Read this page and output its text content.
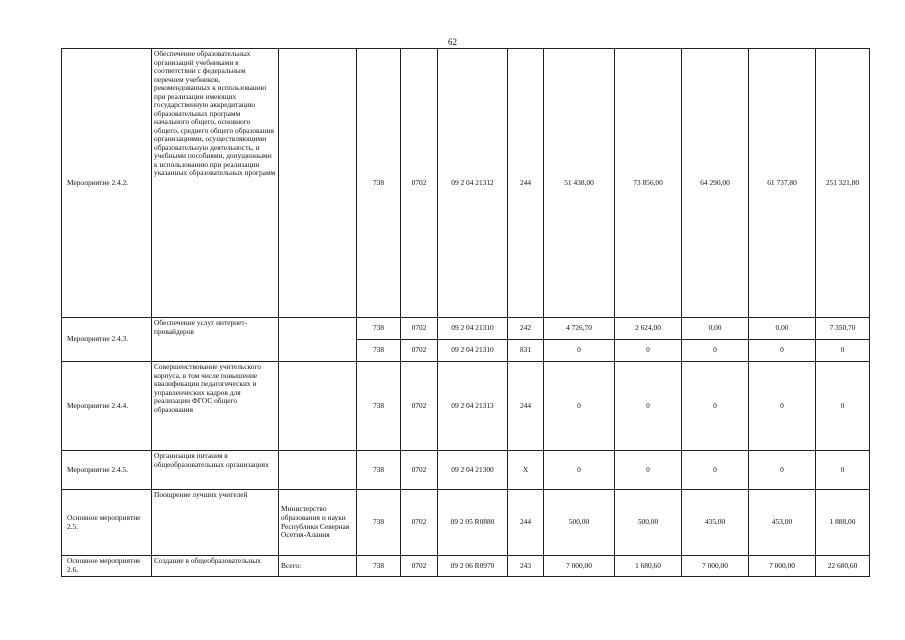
62
Мероприятие 2.4.2.	Обеспечение образовательных организаций учебниками в соответствии с федеральным перечнем учебников, рекомендованных к использованию при реализации имеющих государственную аккредитацию образовательных программ начального общего, основного общего, среднего общего образования организациями, осуществляющими образовательную деятельность, и учебными пособиями, допущенными к использованию при реализации указанных образовательных программ		738	0702	09 2 04 21312	244	51 438,00	73 856,00	64 290,00	61 737,80	251 321,80
Мероприятие 2.4.3.	Обеспечение услуг интернет-провайдеров		738	0702	09 2 04 21310	242	4 726,70	2 624,00	0,00	0,00	7 350,70
			738	0702	09 2 04 21310	831	0	0	0	0	0
Мероприятие 2.4.4.	Совершенствование учительского корпуса, в том числе повышение квалификации педагогических и управленческих кадров для реализации ФГОС общего образования		738	0702	09 2 04 21313	244	0	0	0	0	0
Мероприятие 2.4.5.	Организация питания в общеобразовательных организациях		738	0702	09 2 04 21300	Х	0	0	0	0	0
Основное мероприятие 2.5.	Поощрение лучших учителей	Министерство образования и науки Республики Северная Осетия-Алания	738	0702	09 2 05 R0880	244	500,00	500,00	435,00	453,00	1 888,00
Основное мероприятие 2.6.	Создание в общеобразовательных	Всего:	738	0702	09 2 06 R0970	243	7 000,00	1 680,60	7 000,00	7 000,00	22 680,60
